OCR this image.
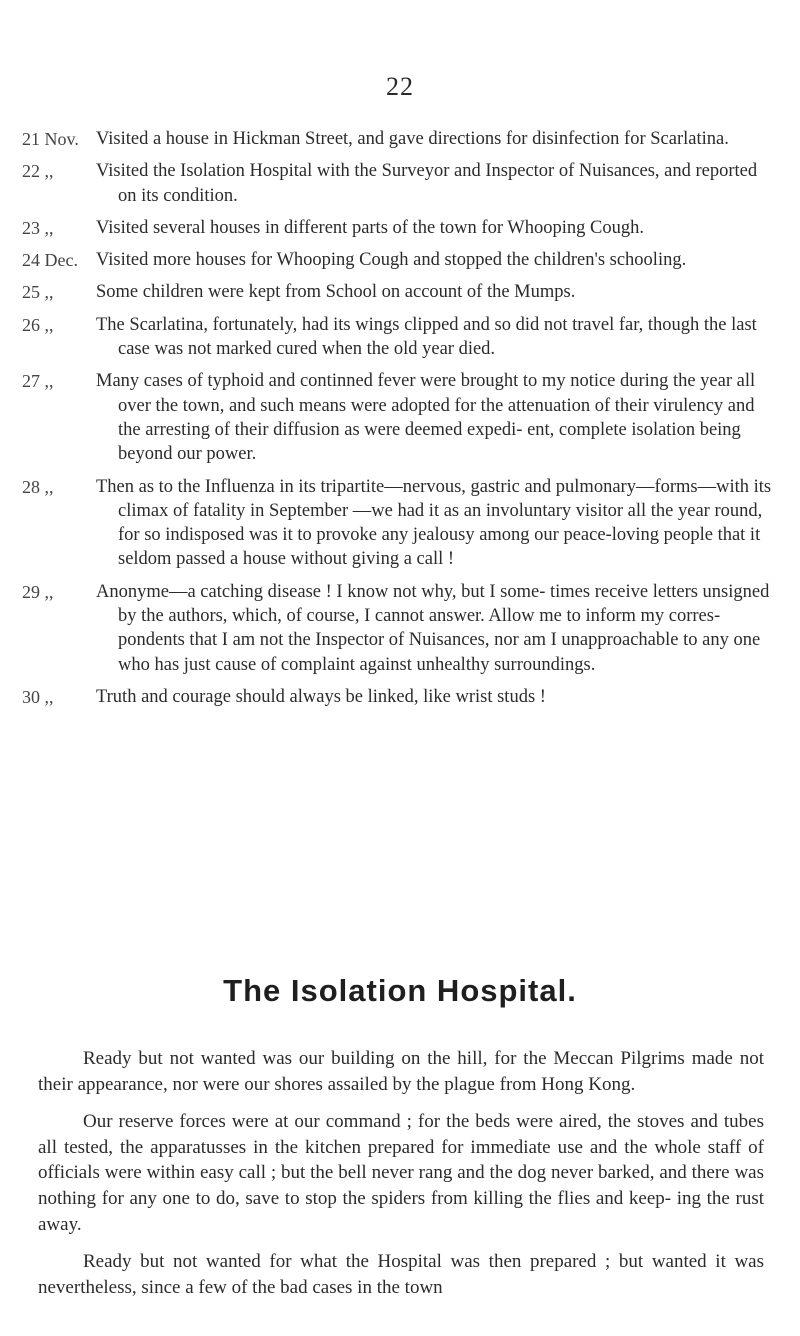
22
21 Nov. Visited a house in Hickman Street, and gave directions for disinfection for Scarlatina.
22 ,,	Visited the Isolation Hospital with the Surveyor and Inspector of Nuisances, and reported on its condition.
23 ,,	Visited several houses in different parts of the town for Whooping Cough.
24 Dec. Visited more houses for Whooping Cough and stopped the children's schooling.
25 ,,	Some children were kept from School on account of the Mumps.
26 ,,	The Scarlatina, fortunately, had its wings clipped and so did not travel far, though the last case was not marked cured when the old year died.
27 ,,	Many cases of typhoid and continned fever were brought to my notice during the year all over the town, and such means were adopted for the attenuation of their virulency and the arresting of their diffusion as were deemed expedi- ent, complete isolation being beyond our power.
28 ,,	Then as to the Influenza in its tripartite—nervous, gastric and pulmonary—forms—with its climax of fatality in September —we had it as an involuntary visitor all the year round, for so indisposed was it to provoke any jealousy among our peace-loving people that it seldom passed a house without giving a call !
29 ,,	Anonyme—a catching disease ! I know not why, but I some- times receive letters unsigned by the authors, which, of course, I cannot answer. Allow me to inform my corres- pondents that I am not the Inspector of Nuisances, nor am I unapproachable to any one who has just cause of complaint against unhealthy surroundings.
30 ,,	Truth and courage should always be linked, like wrist studs !
The Isolation Hospital.

Ready but not wanted was our building on the hill, for the Meccan Pilgrims made not their appearance, nor were our shores assailed by the plague from Hong Kong.

Our reserve forces were at our command ; for the beds were aired, the stoves and tubes all tested, the apparatusses in the kitchen prepared for immediate use and the whole staff of officials were within easy call ; but the bell never rang and the dog never barked, and there was nothing for any one to do, save to stop the spiders from killing the flies and keep- ing the rust away.

Ready but not wanted for what the Hospital was then prepared ; but wanted it was nevertheless, since a few of the bad cases in the town
